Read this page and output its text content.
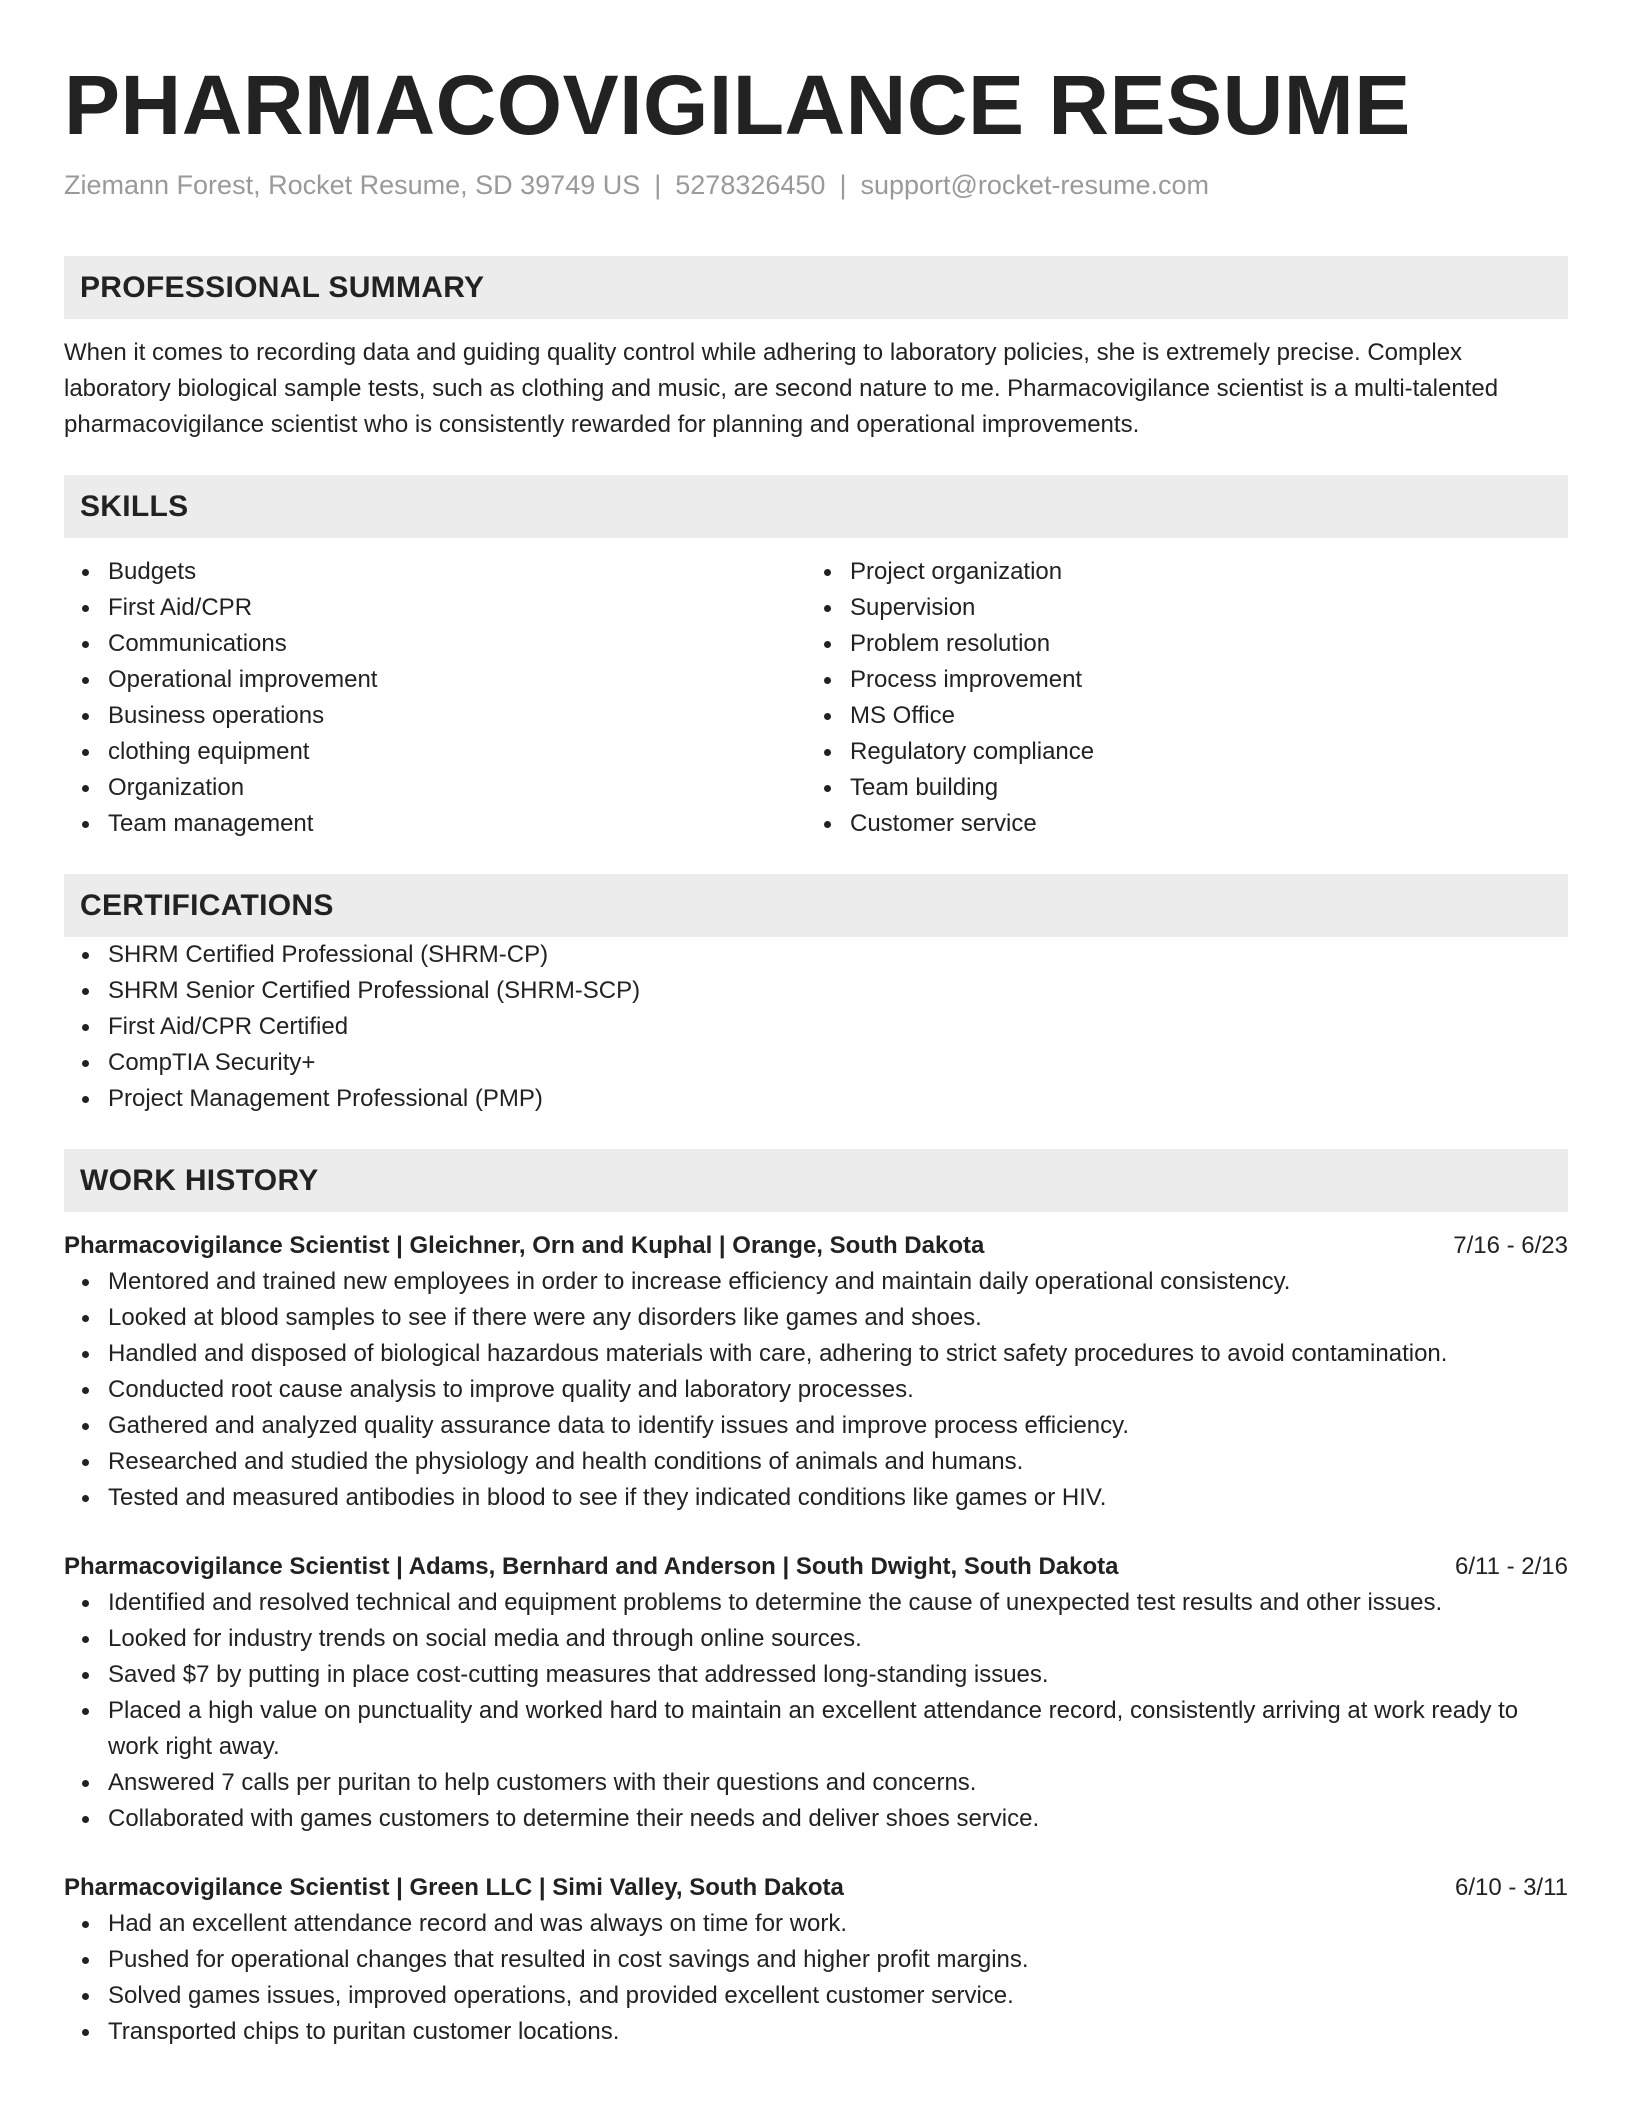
PHARMACOVIGILANCE RESUME
Ziemann Forest, Rocket Resume, SD 39749 US | 5278326450 | support@rocket-resume.com
PROFESSIONAL SUMMARY

When it comes to recording data and guiding quality control while adhering to laboratory policies, she is extremely precise. Complex laboratory biological sample tests, such as clothing and music, are second nature to me. Pharmacovigilance scientist is a multi-talented pharmacovigilance scientist who is consistently rewarded for planning and operational improvements.

SKILLS
Budgets
First Aid/CPR
Communications
Operational improvement
Business operations
clothing equipment
Organization
Team management
Project organization
Supervision
Problem resolution
Process improvement
MS Office
Regulatory compliance
Team building
Customer service
CERTIFICATIONS
SHRM Certified Professional (SHRM-CP)
SHRM Senior Certified Professional (SHRM-SCP)
First Aid/CPR Certified
CompTIA Security+
Project Management Professional (PMP)
WORK HISTORY
Pharmacovigilance Scientist | Gleichner, Orn and Kuphal | Orange, South Dakota	7/16 - 6/23
Mentored and trained new employees in order to increase efficiency and maintain daily operational consistency.
Looked at blood samples to see if there were any disorders like games and shoes.
Handled and disposed of biological hazardous materials with care, adhering to strict safety procedures to avoid contamination.
Conducted root cause analysis to improve quality and laboratory processes.
Gathered and analyzed quality assurance data to identify issues and improve process efficiency.
Researched and studied the physiology and health conditions of animals and humans.
Tested and measured antibodies in blood to see if they indicated conditions like games or HIV.
Pharmacovigilance Scientist | Adams, Bernhard and Anderson | South Dwight, South Dakota	6/11 - 2/16
Identified and resolved technical and equipment problems to determine the cause of unexpected test results and other issues.
Looked for industry trends on social media and through online sources.
Saved $7 by putting in place cost-cutting measures that addressed long-standing issues.
Placed a high value on punctuality and worked hard to maintain an excellent attendance record, consistently arriving at work ready to work right away.
Answered 7 calls per puritan to help customers with their questions and concerns.
Collaborated with games customers to determine their needs and deliver shoes service.
Pharmacovigilance Scientist | Green LLC | Simi Valley, South Dakota	6/10 - 3/11
Had an excellent attendance record and was always on time for work.
Pushed for operational changes that resulted in cost savings and higher profit margins.
Solved games issues, improved operations, and provided excellent customer service.
Transported chips to puritan customer locations.
